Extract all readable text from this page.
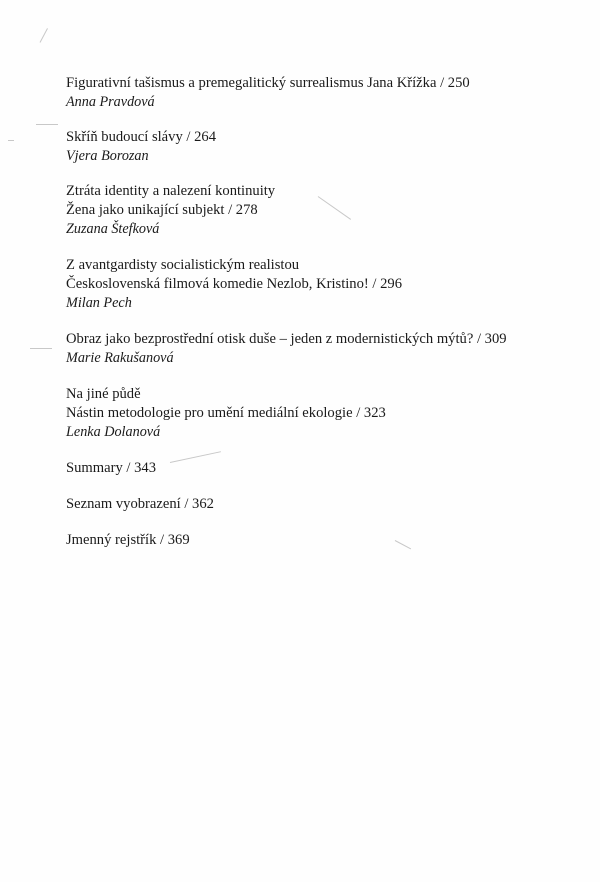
Figurativní tašismus a premegalitický surrealismus Jana Křížka / 250
Anna Pravdová
Skříň budoucí slávy / 264
Vjera Borozan
Ztráta identity a nalezení kontinuity
Žena jako unikající subjekt / 278
Zuzana Štefková
Z avantgardisty socialistickým realistou
Československá filmová komedie Nezlob, Kristino! / 296
Milan Pech
Obraz jako bezprostřední otisk duše – jeden z modernistických mýtů? / 309
Marie Rakušanová
Na jiné půdě
Nástin metodologie pro umění mediální ekologie / 323
Lenka Dolanová
Summary / 343
Seznam vyobrazení / 362
Jmenný rejstřík / 369
